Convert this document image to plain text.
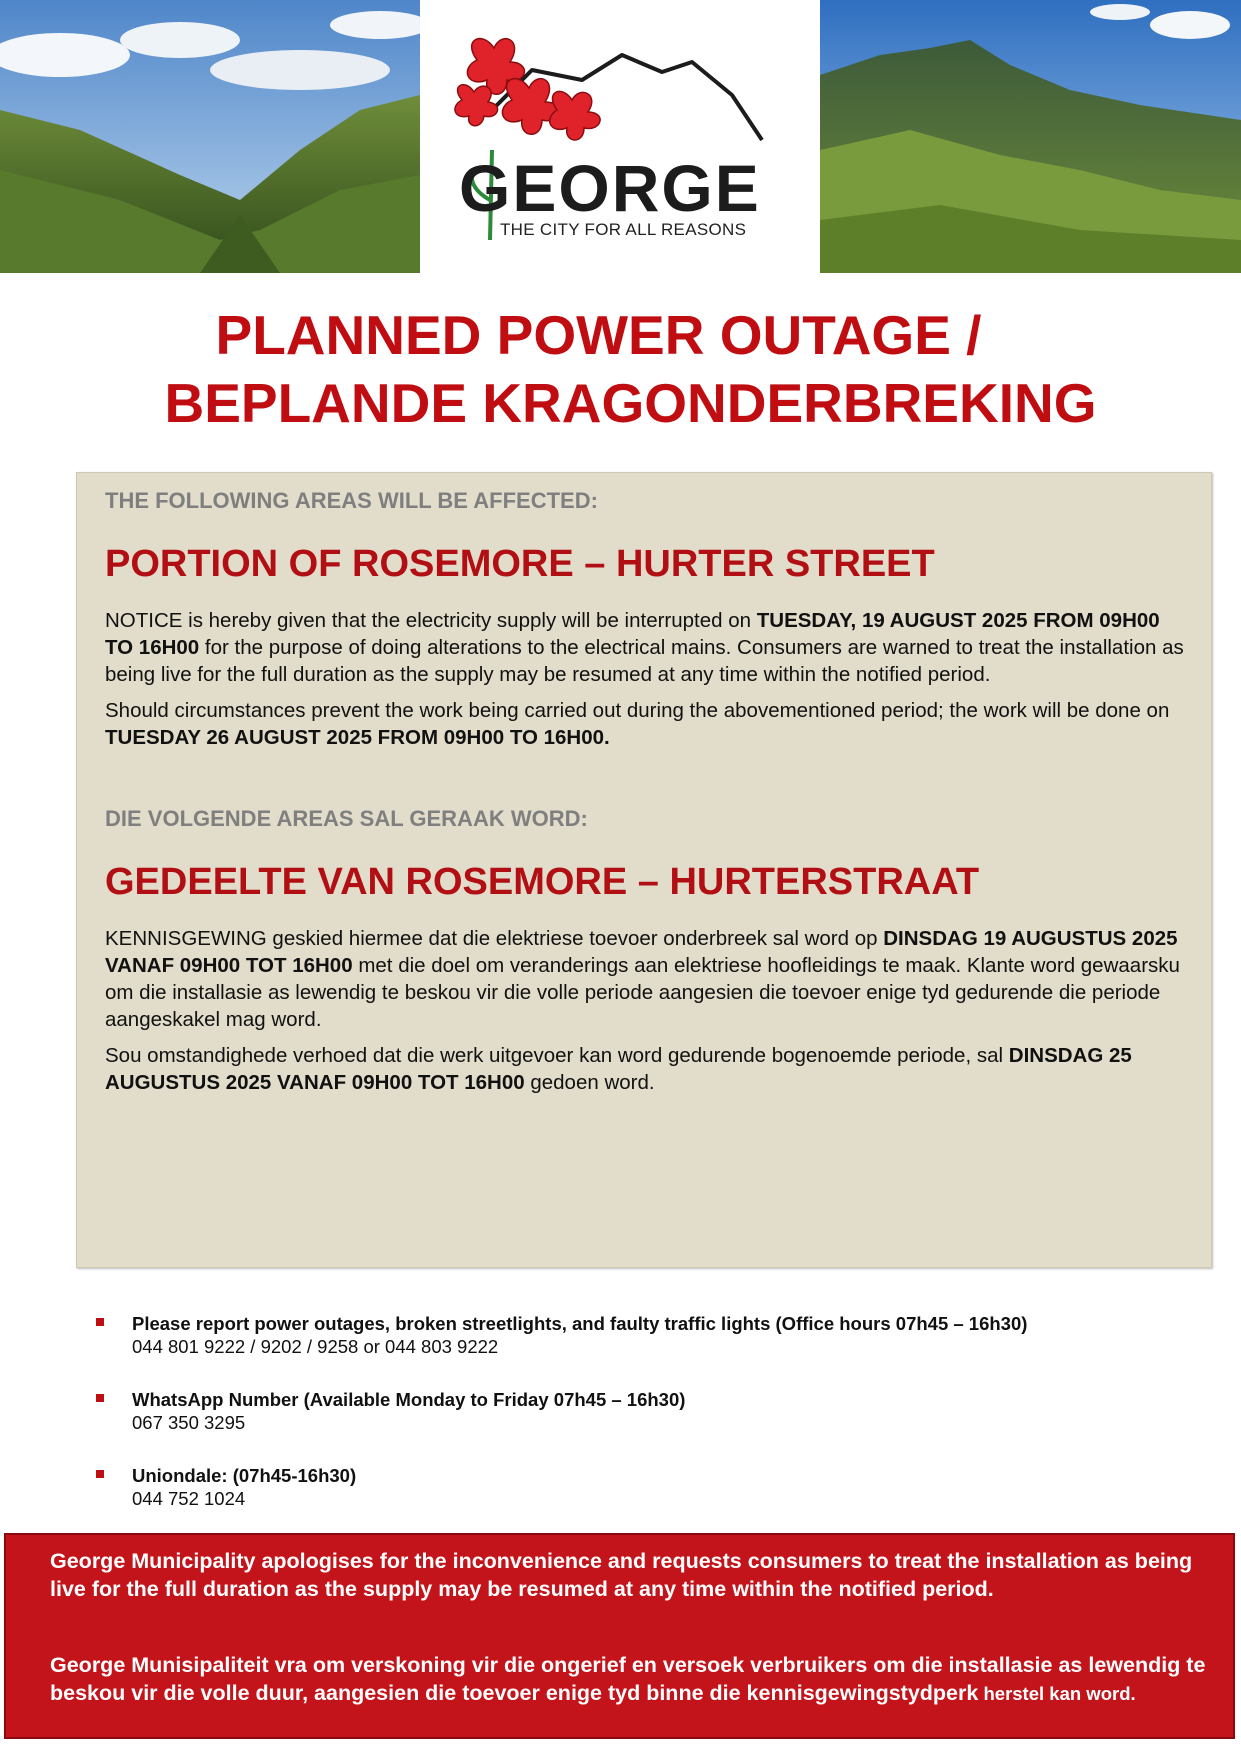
GEORGE
THE CITY FOR ALL REASONS
PLANNED POWER OUTAGE /
BEPLANDE KRAGONDERBREKING

THE FOLLOWING AREAS WILL BE AFFECTED:

PORTION OF ROSEMORE – HURTER STREET

NOTICE is hereby given that the electricity supply will be interrupted on TUESDAY, 19 AUGUST 2025 FROM 09H00 TO 16H00 for the purpose of doing alterations to the electrical mains. Consumers are warned to treat the installation as being live for the full duration as the supply may be resumed at any time within the notified period.

Should circumstances prevent the work being carried out during the abovementioned period; the work will be done on TUESDAY 26 AUGUST 2025 FROM 09H00 TO 16H00.

DIE VOLGENDE AREAS SAL GERAAK WORD:

GEDEELTE VAN ROSEMORE – HURTERSTRAAT

KENNISGEWING geskied hiermee dat die elektriese toevoer onderbreek sal word op DINSDAG 19 AUGUSTUS 2025 VANAF 09H00 TOT 16H00 met die doel om veranderings aan elektriese hoofleidings te maak. Klante word gewaarsku om die installasie as lewendig te beskou vir die volle periode aangesien die toevoer enige tyd gedurende die periode aangeskakel mag word.

Sou omstandighede verhoed dat die werk uitgevoer kan word gedurende bogenoemde periode, sal DINSDAG 25 AUGUSTUS 2025 VANAF 09H00 TOT 16H00 gedoen word.

Please report power outages, broken streetlights, and faulty traffic lights (Office hours 07h45 – 16h30)
044 801 9222 / 9202 / 9258 or 044 803 9222
WhatsApp Number (Available Monday to Friday 07h45 – 16h30)
067 350 3295
Uniondale: (07h45-16h30)
044 752 1024

George Municipality apologises for the inconvenience and requests consumers to treat the installation as being live for the full duration as the supply may be resumed at any time within the notified period.

George Munisipaliteit vra om verskoning vir die ongerief en versoek verbruikers om die installasie as lewendig te beskou vir die volle duur, aangesien die toevoer enige tyd binne die kennisgewingstydperk herstel kan word.
